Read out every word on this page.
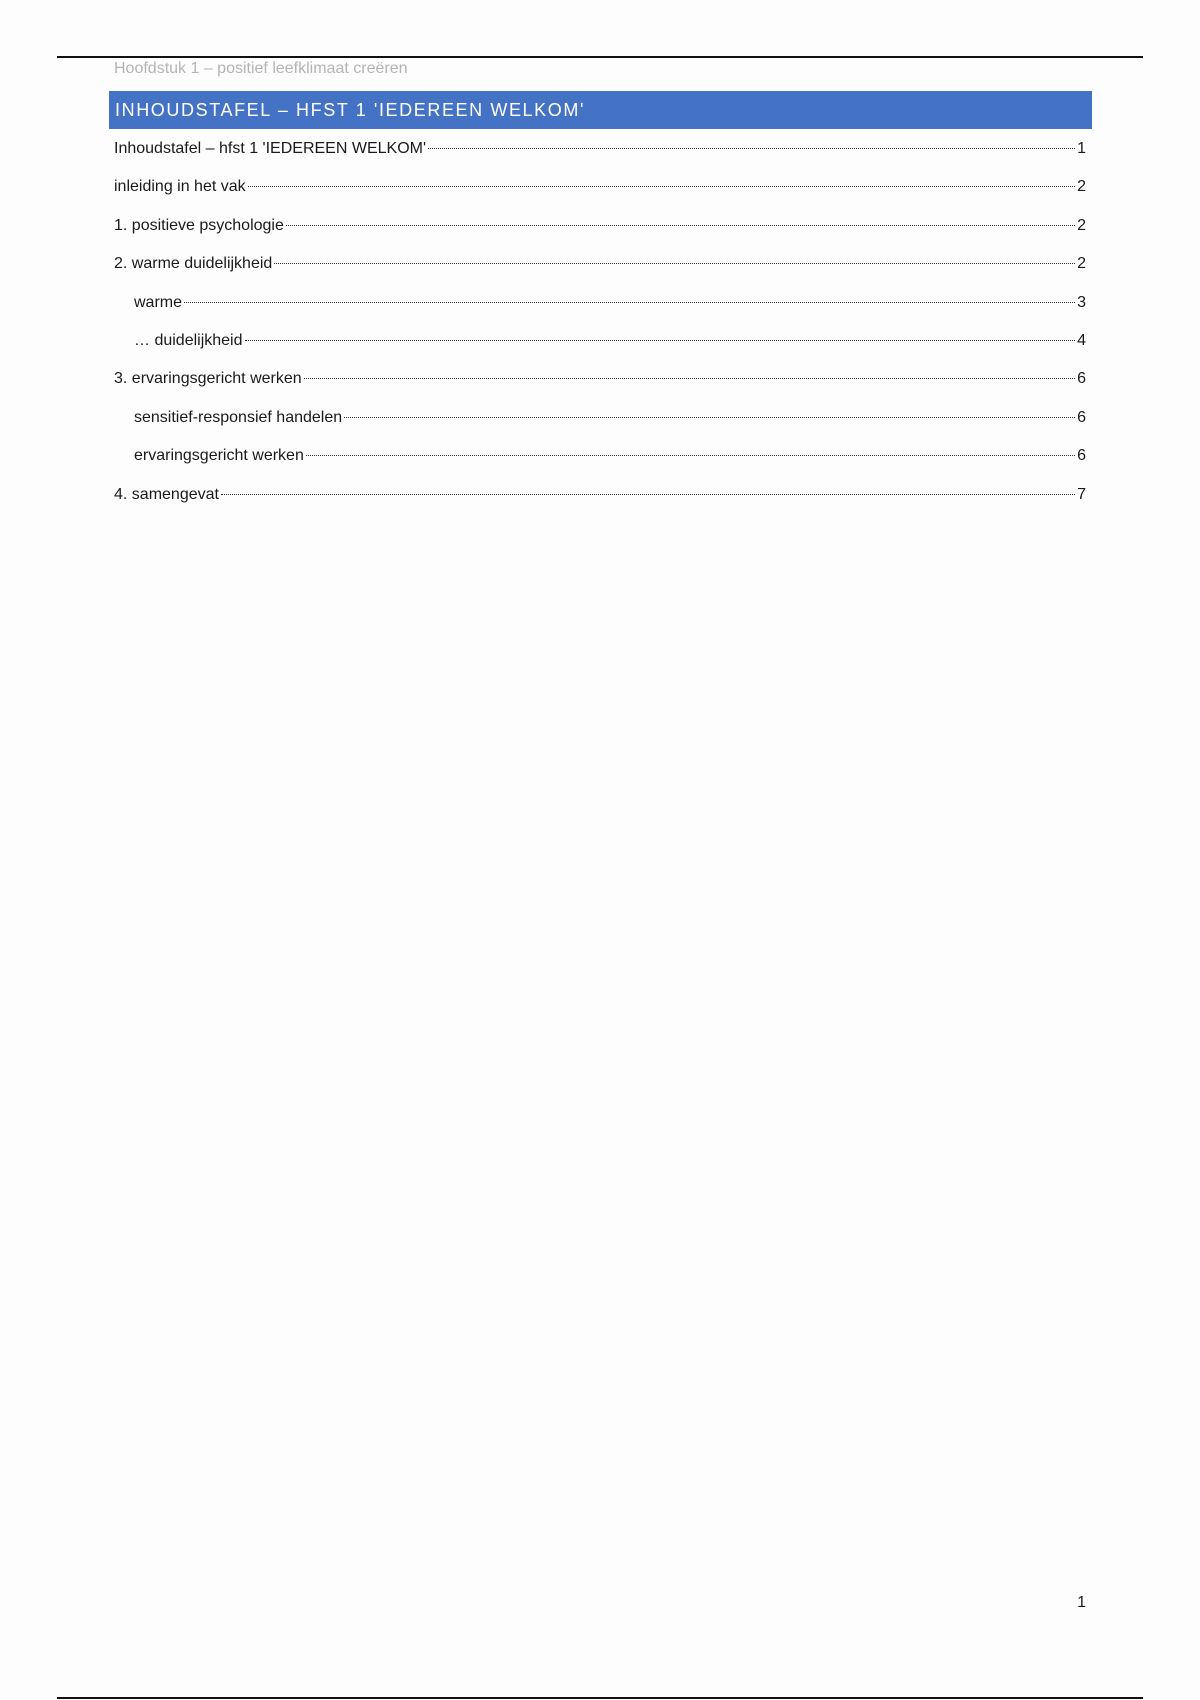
Hoofdstuk 1 – positief leefklimaat creëren
INHOUDSTAFEL – HFST 1 'IEDEREEN WELKOM'
Inhoudstafel – hfst 1 'IEDEREEN WELKOM'	1
inleiding in het vak	2
1. positieve psychologie	2
2. warme duidelijkheid	2
warme	3
… duidelijkheid	4
3. ervaringsgericht werken	6
sensitief-responsief handelen	6
ervaringsgericht werken	6
4. samengevat	7
1
